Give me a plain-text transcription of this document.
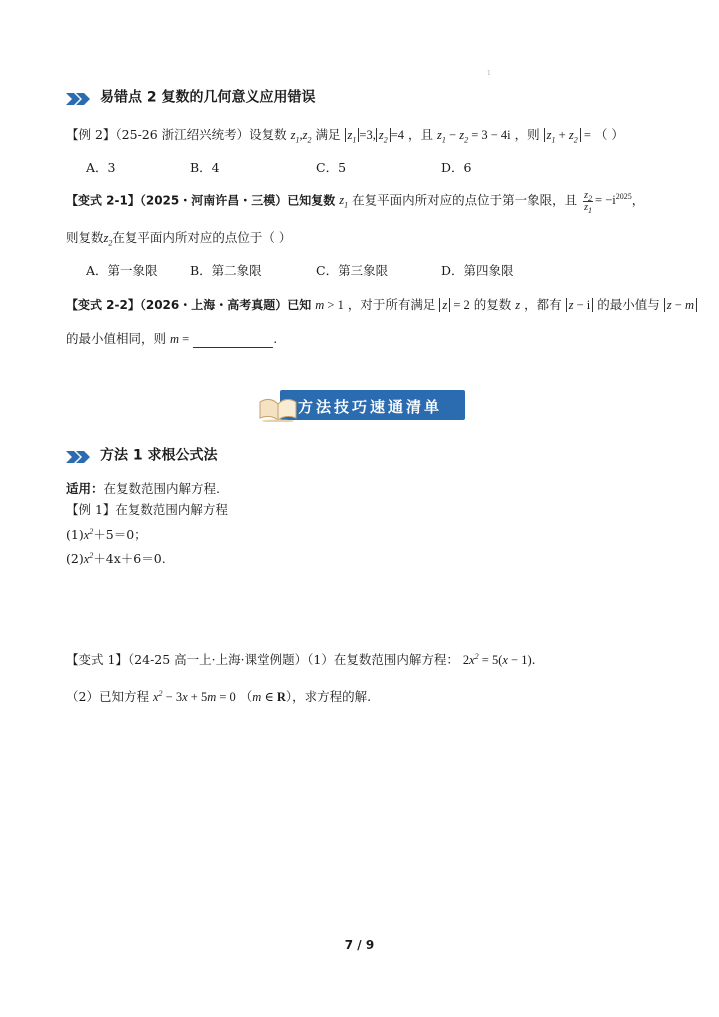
1
易错点 2 复数的几何意义应用错误
【例 2】（25-26 浙江绍兴统考）设复数 $z_1,z_2$ 满足 $z_1 =3$, $z_2 =4$ ，且 $z_1 - z_2 = 3 - 4i$ ，则 $z_1 + z_2$ = （ ）
A．3	B．4	C．5	D．6
【变式 2-1】（2025・河南许昌・三模）已知复数 $z_1$ 在复平面内所对应的点位于第一象限，且 $\frac{z_2}{z_1} = -i^{2025}$，
则复数$z_2$在复平面内所对应的点位于（ ）
A．第一象限	B．第二象限	C．第三象限	D．第四象限
【变式 2-2】（2026・上海・高考真题）已知 m > 1 ，对于所有满足 z = 2 的复数 z ，都有 z − i 的最小值与 z − m
的最小值相同，则 m =	.
方法技巧速通清单
方法 1 求根公式法
适用：在复数范围内解方程.
【例 1】在复数范围内解方程
$(1)x^2+5=0$；
$(2)x^2+4x+6=0$.
【变式 1】（24-25 高一上·上海·课堂例题）（1）在复数范围内解方程： $2x^2 = 5(x - 1)$.
（2）已知方程 $x^2 - 3x + 5m = 0$ （m ∈ R），求方程的解.
7 / 9
